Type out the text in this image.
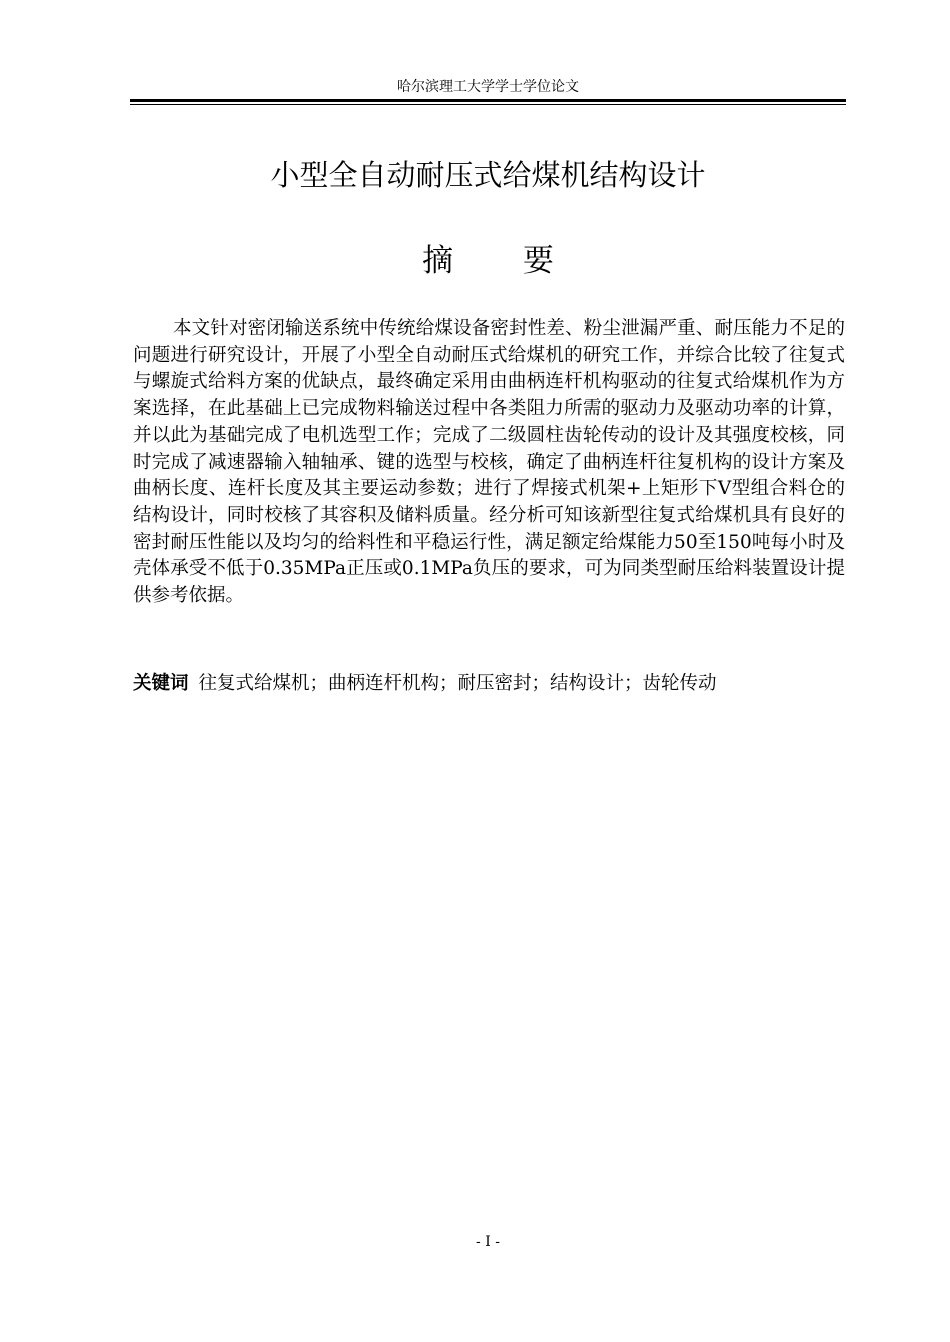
哈尔滨理工大学学士学位论文
小型全自动耐压式给煤机结构设计
摘 要

本文针对密闭输送系统中传统给煤设备密封性差、粉尘泄漏严重、耐压能力不足的问题进行研究设计，开展了小型全自动耐压式给煤机的研究工作，并综合比较了往复式与螺旋式给料方案的优缺点，最终确定采用由曲柄连杆机构驱动的往复式给煤机作为方案选择，在此基础上已完成物料输送过程中各类阻力所需的驱动力及驱动功率的计算，并以此为基础完成了电机选型工作；完成了二级圆柱齿轮传动的设计及其强度校核，同时完成了减速器输入轴轴承、键的选型与校核，确定了曲柄连杆往复机构的设计方案及曲柄长度、连杆长度及其主要运动参数；进行了焊接式机架+上矩形下V型组合料仓的结构设计，同时校核了其容积及储料质量。经分析可知该新型往复式给煤机具有良好的密封耐压性能以及均匀的给料性和平稳运行性，满足额定给煤能力50至150吨每小时及壳体承受不低于0.35MPa正压或0.1MPa负压的要求，可为同类型耐压给料装置设计提供参考依据。

关键词 往复式给煤机；曲柄连杆机构；耐压密封；结构设计；齿轮传动
- I -
